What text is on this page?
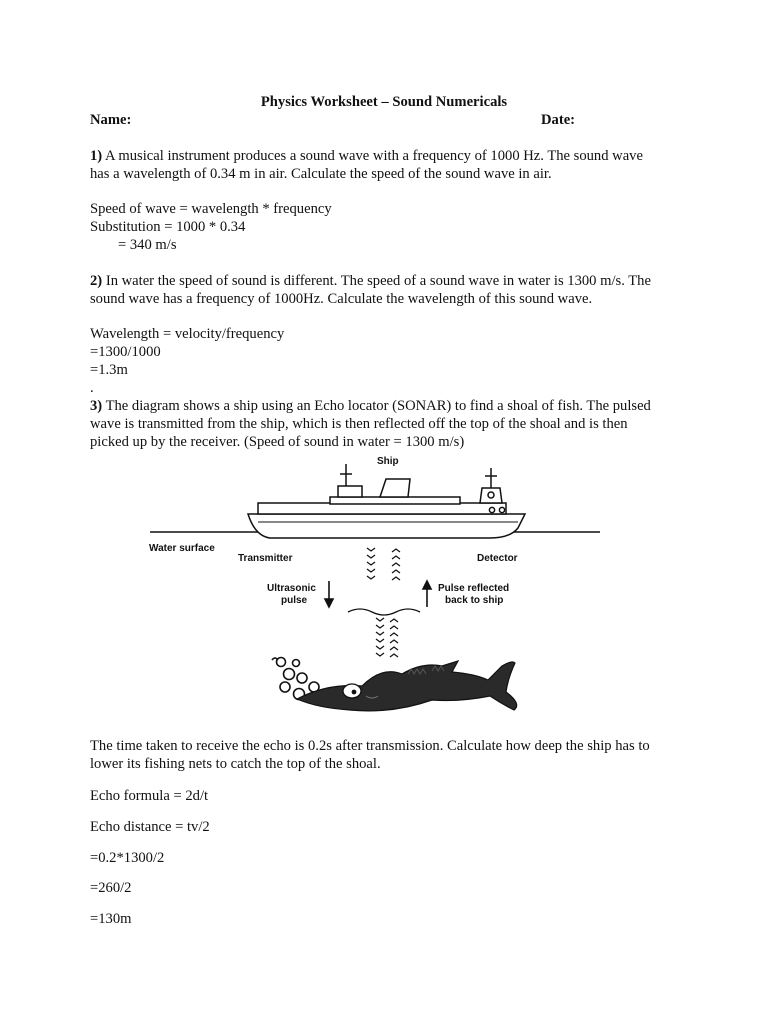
Physics Worksheet – Sound Numericals
Name:	Date:
1) A musical instrument produces a sound wave with a frequency of 1000 Hz. The sound wave
has a wavelength of 0.34 m in air. Calculate the speed of the sound wave in air.
Speed of wave = wavelength * frequency
Substitution = 1000 * 0.34
= 340 m/s
2) In water the speed of sound is different. The speed of a sound wave in water is 1300 m/s. The
sound wave has a frequency of 1000Hz. Calculate the wavelength of this sound wave.
Wavelength = velocity/frequency
=1300/1000
=1.3m
.
3) The diagram shows a ship using an Echo locator (SONAR) to find a shoal of fish. The pulsed
wave is transmitted from the ship, which is then reflected off the top of the shoal and is then
picked up by the receiver. (Speed of sound in water = 1300 m/s)
Ship
Water surface
Transmitter	Detector
Ultrasonic
pulse
Pulse reflected
back to ship
The time taken to receive the echo is 0.2s after transmission. Calculate how deep the ship has to
lower its fishing nets to catch the top of the shoal.
Echo formula = 2d/t
Echo distance = tv/2
=0.2*1300/2
=260/2
=130m
